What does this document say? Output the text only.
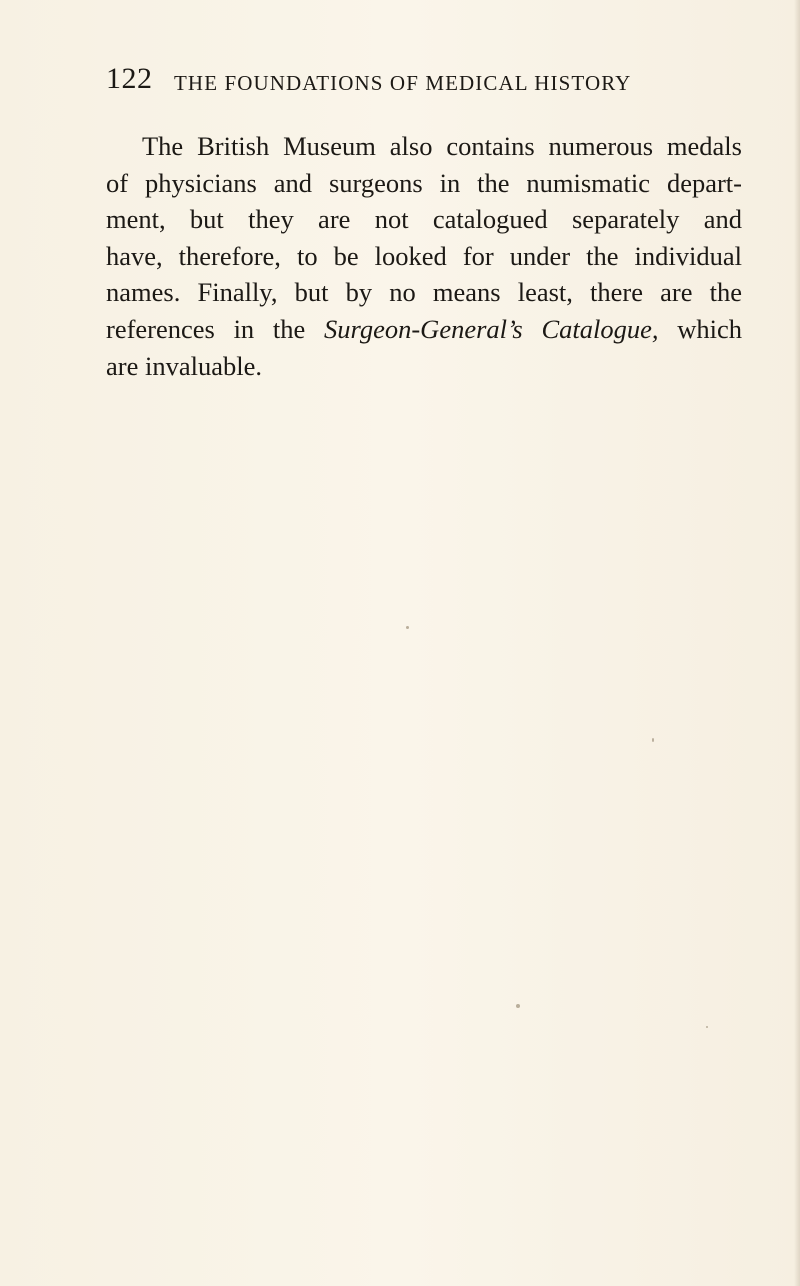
122 THE FOUNDATIONS OF MEDICAL HISTORY

The British Museum also contains numerous medals
of physicians and surgeons in the numismatic depart-
ment, but they are not catalogued separately and
have, therefore, to be looked for under the individual
names. Finally, but by no means least, there are the
references in the Surgeon-General’s Catalogue, which
are invaluable.
